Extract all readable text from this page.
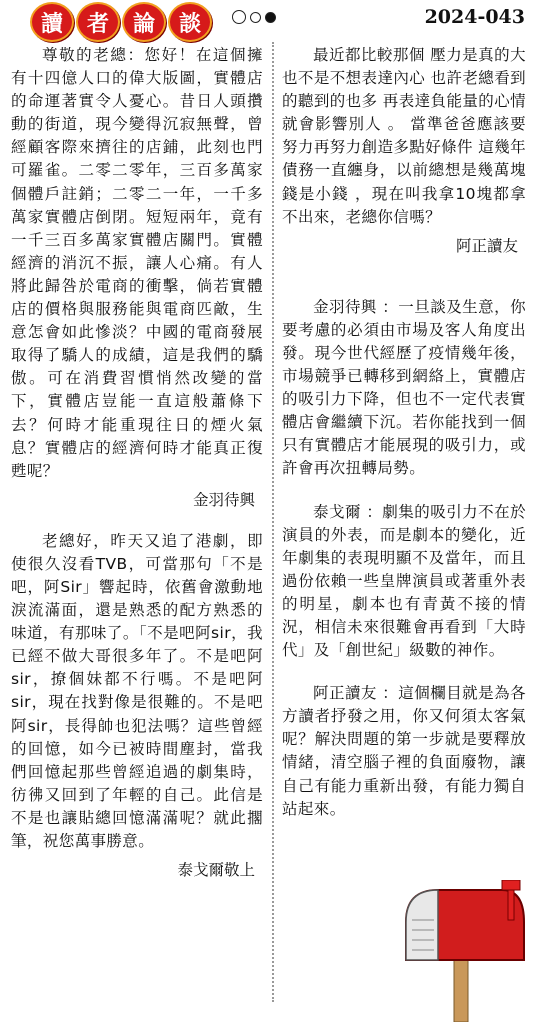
讀	者	論	談	2024-043

尊敬的老總：您好！在這個擁有十四億人口的偉大版圖，實體店的命運著實令人憂心。昔日人頭攢動的街道，現今變得沉寂無聲，曾經顧客際來擠往的店鋪，此刻也門可羅雀。二零二零年，三百多萬家個體戶註銷；二零二一年，一千多萬家實體店倒閉。短短兩年，竟有一千三百多萬家實體店關門。實體經濟的消沉不振，讓人心痛。有人將此歸咎於電商的衝擊，倘若實體店的價格與服務能與電商匹敵，生意怎會如此慘淡？中國的電商發展取得了驕人的成績，這是我們的驕傲。可在消費習慣悄然改變的當下，實體店豈能一直這般蕭條下去？何時才能重現往日的煙火氣息？實體店的經濟何時才能真正復甦呢？

金羽待興

老總好，昨天又追了港劇，即使很久沒看TVB，可當那句「不是吧，阿Sir」響起時，依舊會激動地淚流滿面，還是熟悉的配方熟悉的味道，有那味了。「不是吧阿sir，我已經不做大哥很多年了。不是吧阿sir，撩個妹都不行嗎。不是吧阿sir，現在找對像是很難的。不是吧阿sir，長得帥也犯法嗎？這些曾經的回憶，如今已被時間塵封，當我們回憶起那些曾經追過的劇集時，彷彿又回到了年輕的自己。此信是不是也讓貼總回憶滿滿呢？就此擱筆，祝您萬事勝意。

泰戈爾敬上

最近都比較那個 壓力是真的大 也不是不想表達內心 也許老總看到的聽到的也多 再表達負能量的心情就會影響別人 。 當準爸爸應該要努力再努力創造多點好條件 這幾年債務一直纏身，以前總想是幾萬塊錢是小錢 ，現在叫我拿10塊都拿不出來，老總你信嗎？

阿正讀友

金羽待興 ：一旦談及生意，你要考慮的必須由市場及客人角度出發。現今世代經歷了疫情幾年後，市場競爭已轉移到網絡上，實體店的吸引力下降，但也不一定代表實體店會繼續下沉。若你能找到一個只有實體店才能展現的吸引力，或許會再次扭轉局勢。

泰戈爾 ：劇集的吸引力不在於演員的外表，而是劇本的變化，近年劇集的表現明顯不及當年，而且過份依賴一些皇牌演員或著重外表的明星，劇本也有青黃不接的情況，相信未來很難會再看到「大時代」及「創世紀」級數的神作。

阿正讀友 ：這個欄目就是為各方讀者抒發之用，你又何須太客氣呢？解決問題的第一步就是要釋放情緒，清空腦子裡的負面廢物，讓自己有能力重新出發，有能力獨自站起來。
